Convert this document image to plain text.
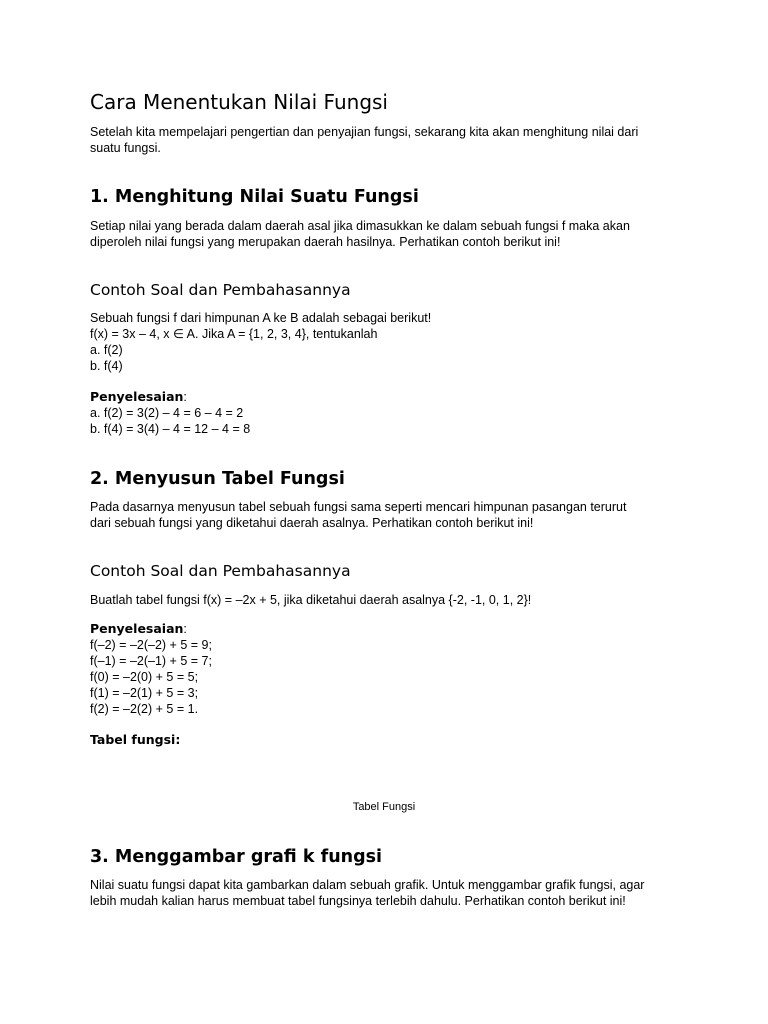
Cara Menentukan Nilai Fungsi
Setelah kita mempelajari pengertian dan penyajian fungsi, sekarang kita akan menghitung nilai dari
suatu fungsi.
1. Menghitung Nilai Suatu Fungsi
Setiap nilai yang berada dalam daerah asal jika dimasukkan ke dalam sebuah fungsi f maka akan
diperoleh nilai fungsi yang merupakan daerah hasilnya. Perhatikan contoh berikut ini!
Contoh Soal dan Pembahasannya
Sebuah fungsi f dari himpunan A ke B adalah sebagai berikut!
f(x) = 3x – 4, x ∈ A. Jika A = {1, 2, 3, 4}, tentukanlah
a. f(2)
b. f(4)
Penyelesaian:
a. f(2) = 3(2) – 4 = 6 – 4 = 2
b. f(4) = 3(4) – 4 = 12 – 4 = 8
2. Menyusun Tabel Fungsi
Pada dasarnya menyusun tabel sebuah fungsi sama seperti mencari himpunan pasangan terurut
dari sebuah fungsi yang diketahui daerah asalnya. Perhatikan contoh berikut ini!
Contoh Soal dan Pembahasannya
Buatlah tabel fungsi f(x) = –2x + 5, jika diketahui daerah asalnya {-2, -1, 0, 1, 2}!
Penyelesaian:
f(–2) = –2(–2) + 5 = 9;
f(–1) = –2(–1) + 5 = 7;
f(0) = –2(0) + 5 = 5;
f(1) = –2(1) + 5 = 3;
f(2) = –2(2) + 5 = 1.
Tabel fungsi:
Tabel Fungsi
3. Menggambar grafi k fungsi
Nilai suatu fungsi dapat kita gambarkan dalam sebuah grafik. Untuk menggambar grafik fungsi, agar
lebih mudah kalian harus membuat tabel fungsinya terlebih dahulu. Perhatikan contoh berikut ini!
